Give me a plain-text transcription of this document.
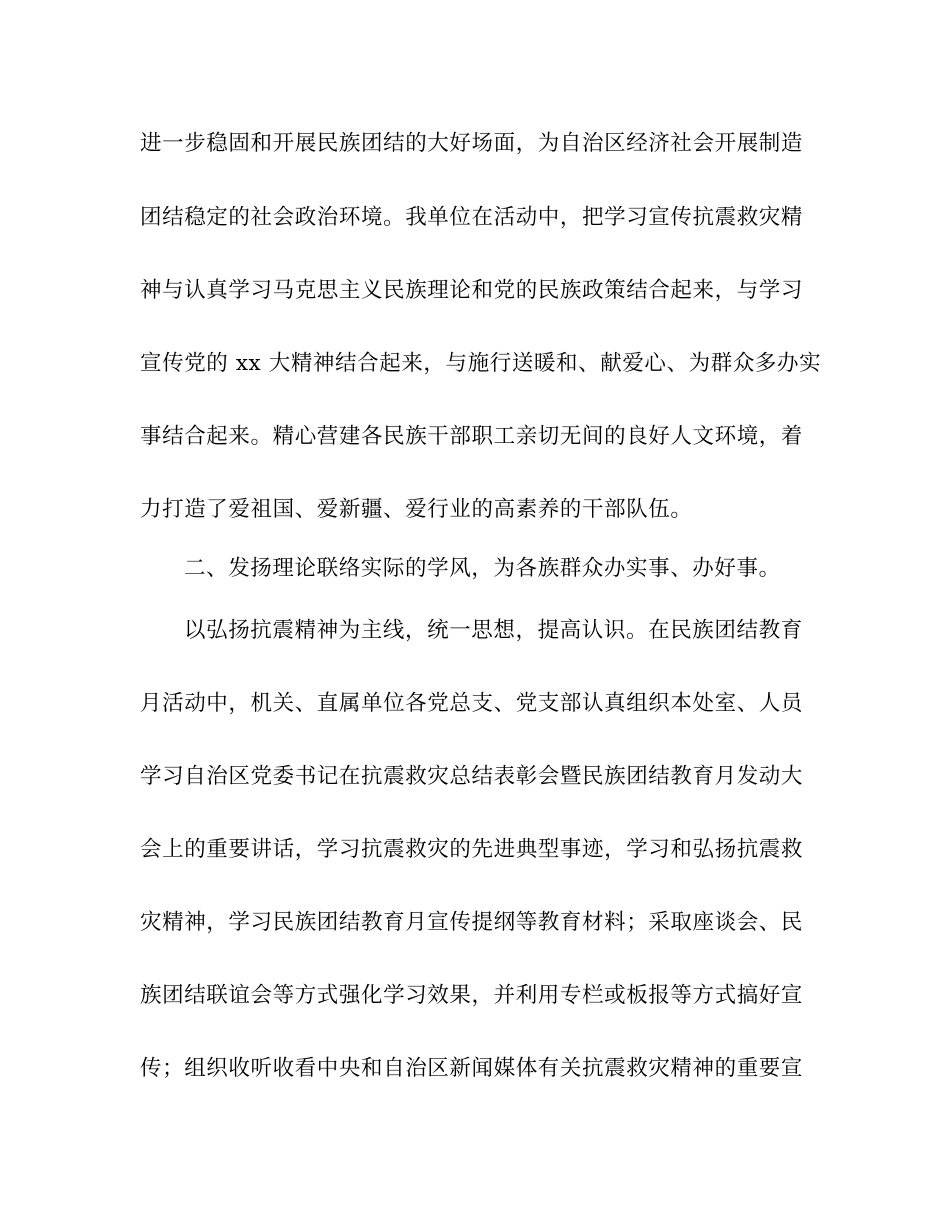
进一步稳固和开展民族团结的大好场面，为自治区经济社会开展制造
团结稳定的社会政治环境。我单位在活动中，把学习宣传抗震救灾精
神与认真学习马克思主义民族理论和党的民族政策结合起来，与学习
宣传党的 xx 大精神结合起来，与施行送暖和、献爱心、为群众多办实
事结合起来。精心营建各民族干部职工亲切无间的良好人文环境，着
力打造了爱祖国、爱新疆、爱行业的高素养的干部队伍。
二、发扬理论联络实际的学风，为各族群众办实事、办好事。
以弘扬抗震精神为主线，统一思想，提高认识。在民族团结教育
月活动中，机关、直属单位各党总支、党支部认真组织本处室、人员
学习自治区党委书记在抗震救灾总结表彰会暨民族团结教育月发动大
会上的重要讲话，学习抗震救灾的先进典型事迹，学习和弘扬抗震救
灾精神，学习民族团结教育月宣传提纲等教育材料；采取座谈会、民
族团结联谊会等方式强化学习效果，并利用专栏或板报等方式搞好宣
传；组织收听收看中央和自治区新闻媒体有关抗震救灾精神的重要宣
